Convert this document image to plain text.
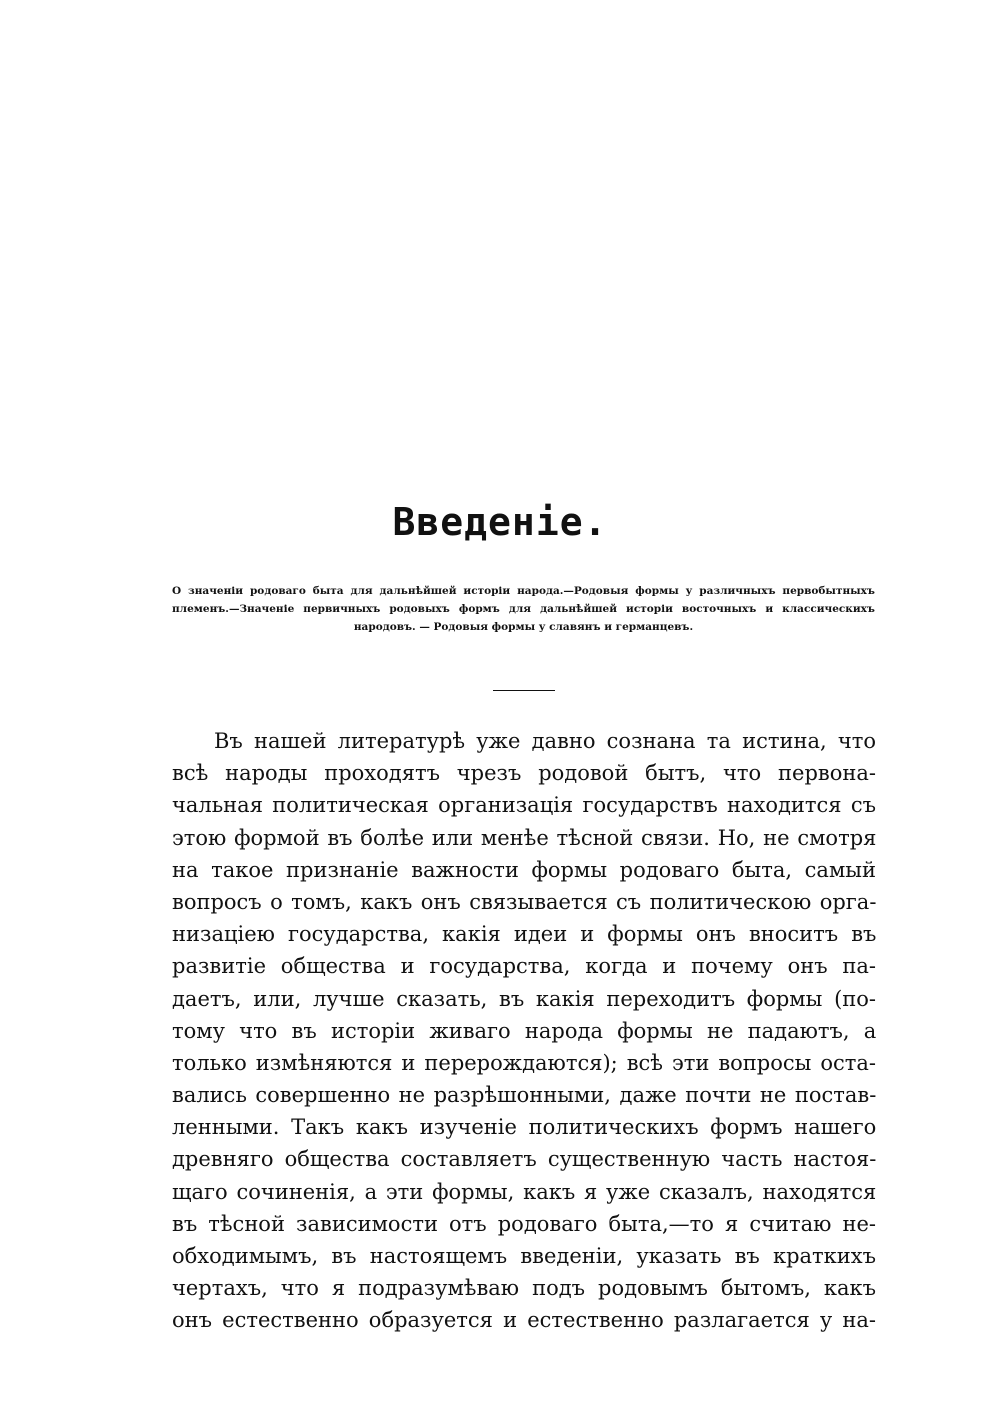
Введеніе.

О значеніи родоваго быта для дальнѣйшей исторіи народа.—Родовыя формы у различныхъ первобытныхъ племенъ.—Значеніе первичныхъ родовыхъ формъ для дальнѣйшей исторіи восточныхъ и классическихъ народовъ. — Родовыя формы у славянъ и германцевъ.

Въ нашей литературѣ уже давно сознана та истина, что
всѣ народы проходятъ чрезъ родовой бытъ, что первона-
чальная политическая организація государствъ находится съ
этою формой въ болѣе или менѣе тѣсной связи. Но, не смотря
на такое признаніе важности формы родоваго быта, самый
вопросъ о томъ, какъ онъ связывается съ политическою орга-
низаціею государства, какія идеи и формы онъ вноситъ въ
развитіе общества и государства, когда и почему онъ па-
даетъ, или, лучше сказать, въ какія переходитъ формы (по-
тому что въ исторіи живаго народа формы не падаютъ, а
только измѣняются и перерождаются); всѣ эти вопросы оста-
вались совершенно не разрѣшонными, даже почти не постав-
ленными. Такъ какъ изученіе политическихъ формъ нашего
древняго общества составляетъ существенную часть настоя-
щаго сочиненія, а эти формы, какъ я уже сказалъ, находятся
въ тѣсной зависимости отъ родоваго быта,—то я считаю не-
обходимымъ, въ настоящемъ введеніи, указать въ краткихъ
чертахъ, что я подразумѣваю подъ родовымъ бытомъ, какъ
онъ естественно образуется и естественно разлагается у на-
